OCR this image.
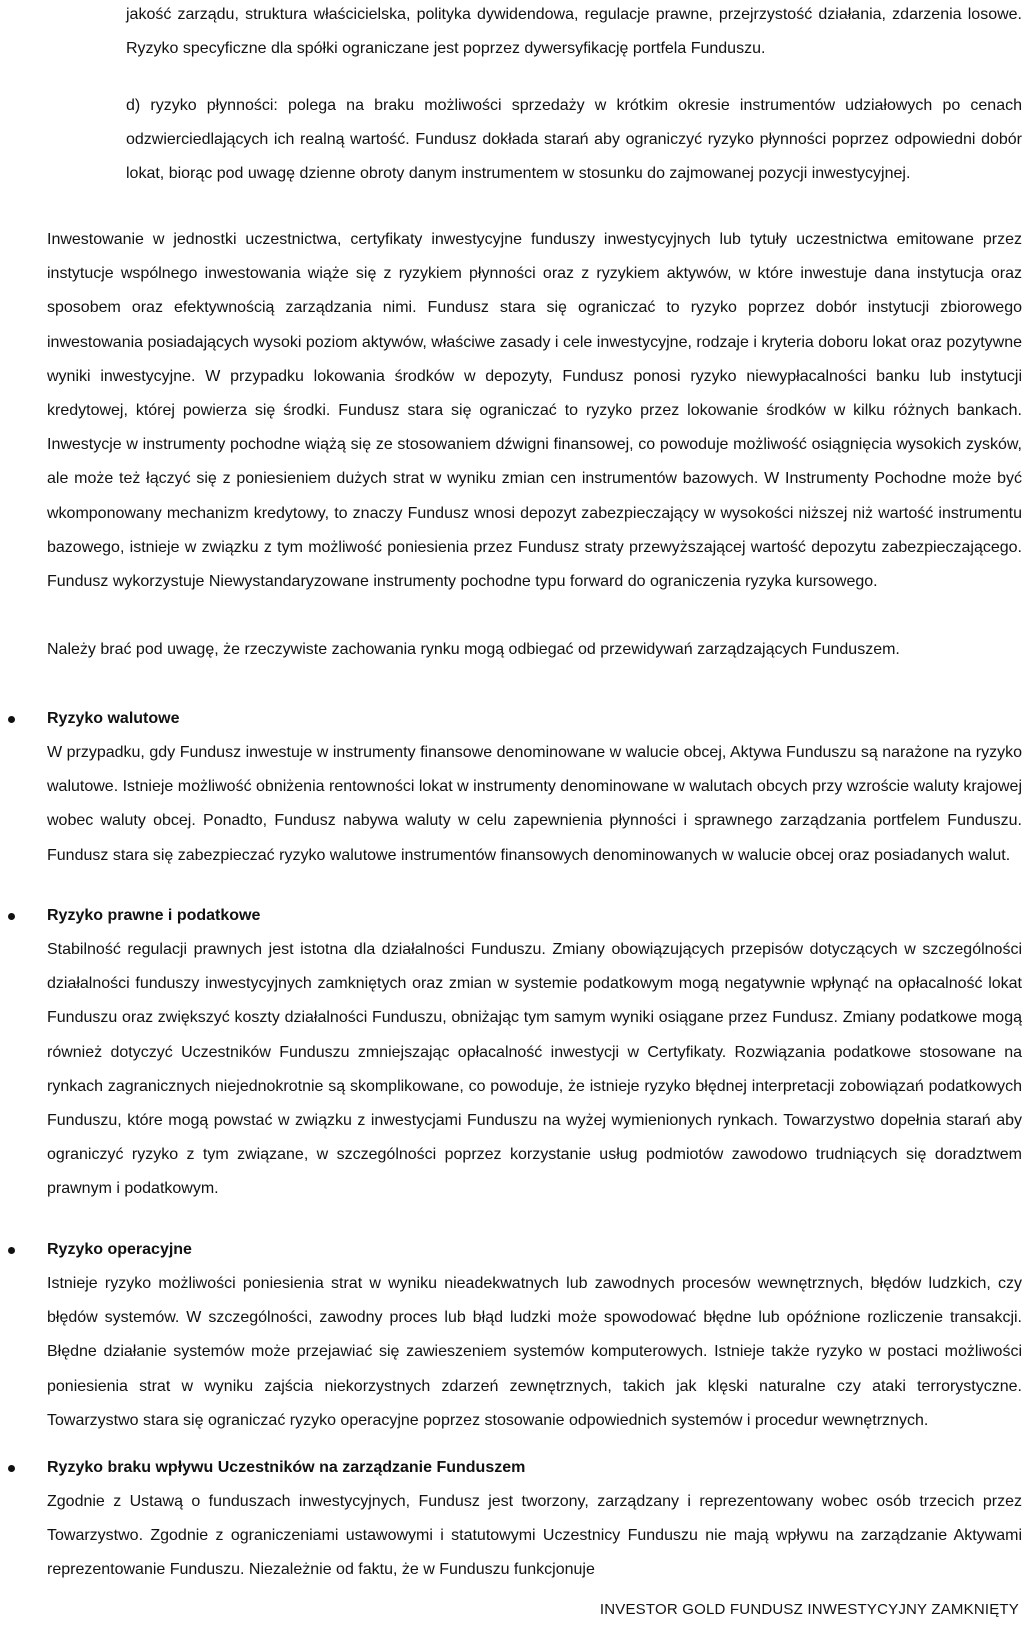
jakość zarządu, struktura właścicielska, polityka dywidendowa, regulacje prawne, przejrzystość działania, zdarzenia losowe. Ryzyko specyficzne dla spółki ograniczane jest poprzez dywersyfikację portfela Funduszu.

d) ryzyko płynności: polega na braku możliwości sprzedaży w krótkim okresie instrumentów udziałowych po cenach odzwierciedlających ich realną wartość. Fundusz dokłada starań aby ograniczyć ryzyko płynności poprzez odpowiedni dobór lokat, biorąc pod uwagę dzienne obroty danym instrumentem w stosunku do zajmowanej pozycji inwestycyjnej.

Inwestowanie w jednostki uczestnictwa, certyfikaty inwestycyjne funduszy inwestycyjnych lub tytuły uczestnictwa emitowane przez instytucje wspólnego inwestowania wiąże się z ryzykiem płynności oraz z ryzykiem aktywów, w które inwestuje dana instytucja oraz sposobem oraz efektywnością zarządzania nimi. Fundusz stara się ograniczać to ryzyko poprzez dobór instytucji zbiorowego inwestowania posiadających wysoki poziom aktywów, właściwe zasady i cele inwestycyjne, rodzaje i kryteria doboru lokat oraz pozytywne wyniki inwestycyjne. W przypadku lokowania środków w depozyty, Fundusz ponosi ryzyko niewypłacalności banku lub instytucji kredytowej, której powierza się środki. Fundusz stara się ograniczać to ryzyko przez lokowanie środków w kilku różnych bankach. Inwestycje w instrumenty pochodne wiążą się ze stosowaniem dźwigni finansowej, co powoduje możliwość osiągnięcia wysokich zysków, ale może też łączyć się z poniesieniem dużych strat w wyniku zmian cen instrumentów bazowych. W Instrumenty Pochodne może być wkomponowany mechanizm kredytowy, to znaczy Fundusz wnosi depozyt zabezpieczający w wysokości niższej niż wartość instrumentu bazowego, istnieje w związku z tym możliwość poniesienia przez Fundusz straty przewyższającej wartość depozytu zabezpieczającego. Fundusz wykorzystuje Niewystandaryzowane instrumenty pochodne typu forward do ograniczenia ryzyka kursowego.

Należy brać pod uwagę, że rzeczywiste zachowania rynku mogą odbiegać od przewidywań zarządzających Funduszem.

Ryzyko walutowe

W przypadku, gdy Fundusz inwestuje w instrumenty finansowe denominowane w walucie obcej, Aktywa Funduszu są narażone na ryzyko walutowe. Istnieje możliwość obniżenia rentowności lokat w instrumenty denominowane w walutach obcych przy wzroście waluty krajowej wobec waluty obcej. Ponadto, Fundusz nabywa waluty w celu zapewnienia płynności i sprawnego zarządzania portfelem Funduszu. Fundusz stara się zabezpieczać ryzyko walutowe instrumentów finansowych denominowanych w walucie obcej oraz posiadanych walut.

Ryzyko prawne i podatkowe

Stabilność regulacji prawnych jest istotna dla działalności Funduszu. Zmiany obowiązujących przepisów dotyczących w szczególności działalności funduszy inwestycyjnych zamkniętych oraz zmian w systemie podatkowym mogą negatywnie wpłynąć na opłacalność lokat Funduszu oraz zwiększyć koszty działalności Funduszu, obniżając tym samym wyniki osiągane przez Fundusz. Zmiany podatkowe mogą również dotyczyć Uczestników Funduszu zmniejszając opłacalność inwestycji w Certyfikaty. Rozwiązania podatkowe stosowane na rynkach zagranicznych niejednokrotnie są skomplikowane, co powoduje, że istnieje ryzyko błędnej interpretacji zobowiązań podatkowych Funduszu, które mogą powstać w związku z inwestycjami Funduszu na wyżej wymienionych rynkach. Towarzystwo dopełnia starań aby ograniczyć ryzyko z tym związane, w szczególności poprzez korzystanie usług podmiotów zawodowo trudniących się doradztwem prawnym i podatkowym.

Ryzyko operacyjne

Istnieje ryzyko możliwości poniesienia strat w wyniku nieadekwatnych lub zawodnych procesów wewnętrznych, błędów ludzkich, czy błędów systemów. W szczególności, zawodny proces lub błąd ludzki może spowodować błędne lub opóźnione rozliczenie transakcji. Błędne działanie systemów może przejawiać się zawieszeniem systemów komputerowych. Istnieje także ryzyko w postaci możliwości poniesienia strat w wyniku zajścia niekorzystnych zdarzeń zewnętrznych, takich jak klęski naturalne czy ataki terrorystyczne. Towarzystwo stara się ograniczać ryzyko operacyjne poprzez stosowanie odpowiednich systemów i procedur wewnętrznych.

Ryzyko braku wpływu Uczestników na zarządzanie Funduszem

Zgodnie z Ustawą o funduszach inwestycyjnych, Fundusz jest tworzony, zarządzany i reprezentowany wobec osób trzecich przez Towarzystwo. Zgodnie z ograniczeniami ustawowymi i statutowymi Uczestnicy Funduszu nie mają wpływu na zarządzanie Aktywami reprezentowanie Funduszu. Niezależnie od faktu, że w Funduszu funkcjonuje

INVESTOR GOLD FUNDUSZ INWESTYCYJNY ZAMKNIĘTY
